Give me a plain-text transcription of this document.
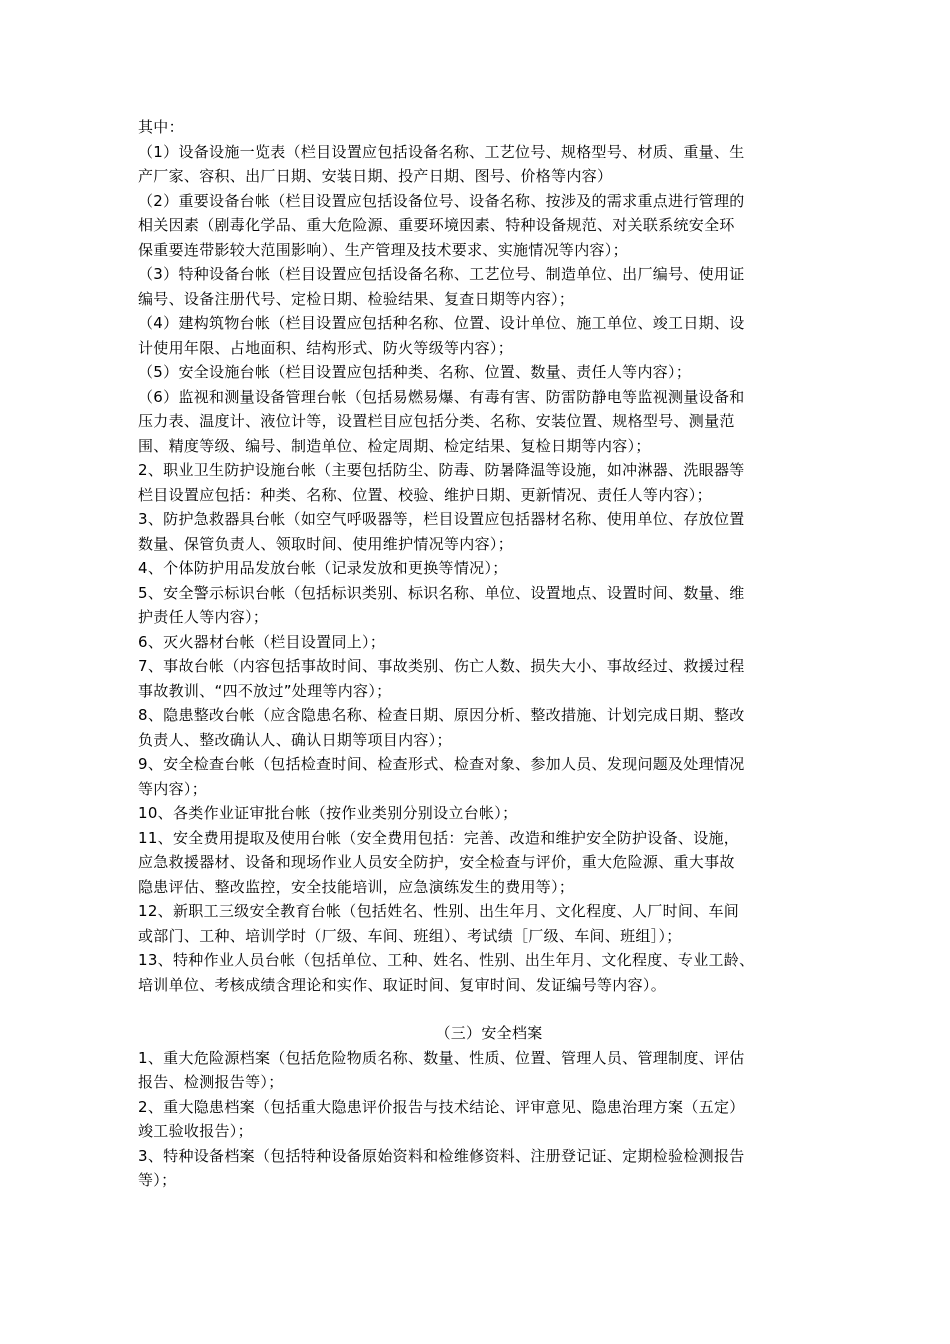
其中：
（1）设备设施一览表（栏目设置应包括设备名称、工艺位号、规格型号、材质、重量、生
产厂家、容积、出厂日期、安装日期、投产日期、图号、价格等内容）
（2）重要设备台帐（栏目设置应包括设备位号、设备名称、按涉及的需求重点进行管理的
相关因素（剧毒化学品、重大危险源、重要环境因素、特种设备规范、对关联系统安全环
保重要连带影较大范围影响）、生产管理及技术要求、实施情况等内容）；
（3）特种设备台帐（栏目设置应包括设备名称、工艺位号、制造单位、出厂编号、使用证
编号、设备注册代号、定检日期、检验结果、复查日期等内容）；
（4）建构筑物台帐（栏目设置应包括种名称、位置、设计单位、施工单位、竣工日期、设
计使用年限、占地面积、结构形式、防火等级等内容）；
（5）安全设施台帐（栏目设置应包括种类、名称、位置、数量、责任人等内容）；
（6）监视和测量设备管理台帐（包括易燃易爆、有毒有害、防雷防静电等监视测量设备和
压力表、温度计、液位计等，设置栏目应包括分类、名称、安装位置、规格型号、测量范
围、精度等级、编号、制造单位、检定周期、检定结果、复检日期等内容）；
2、职业卫生防护设施台帐（主要包括防尘、防毒、防暑降温等设施，如冲淋器、洗眼器等
栏目设置应包括：种类、名称、位置、校验、维护日期、更新情况、责任人等内容）；
3、防护急救器具台帐（如空气呼吸器等，栏目设置应包括器材名称、使用单位、存放位置
数量、保管负责人、领取时间、使用维护情况等内容）；
4、个体防护用品发放台帐（记录发放和更换等情况）；
5、安全警示标识台帐（包括标识类别、标识名称、单位、设置地点、设置时间、数量、维
护责任人等内容）；
6、灭火器材台帐（栏目设置同上）；
7、事故台帐（内容包括事故时间、事故类别、伤亡人数、损失大小、事故经过、救援过程
事故教训、“四不放过”处理等内容）；
8、隐患整改台帐（应含隐患名称、检查日期、原因分析、整改措施、计划完成日期、整改
负责人、整改确认人、确认日期等项目内容）；
9、安全检查台帐（包括检查时间、检查形式、检查对象、参加人员、发现问题及处理情况
等内容）；
10、各类作业证审批台帐（按作业类别分别设立台帐）；
11、安全费用提取及使用台帐（安全费用包括：完善、改造和维护安全防护设备、设施，
应急救援器材、设备和现场作业人员安全防护，安全检查与评价，重大危险源、重大事故
隐患评估、整改监控，安全技能培训，应急演练发生的费用等）；
12、新职工三级安全教育台帐（包括姓名、性别、出生年月、文化程度、人厂时间、车间
或部门、工种、培训学时（厂级、车间、班组）、考试绩［厂级、车间、班组］）；
13、特种作业人员台帐（包括单位、工种、姓名、性别、出生年月、文化程度、专业工龄、
培训单位、考核成绩含理论和实作、取证时间、复审时间、发证编号等内容）。
（三）安全档案
1、重大危险源档案（包括危险物质名称、数量、性质、位置、管理人员、管理制度、评估
报告、检测报告等）；
2、重大隐患档案（包括重大隐患评价报告与技术结论、评审意见、隐患治理方案（五定）
竣工验收报告）；
3、特种设备档案（包括特种设备原始资料和检维修资料、注册登记证、定期检验检测报告
等）；
